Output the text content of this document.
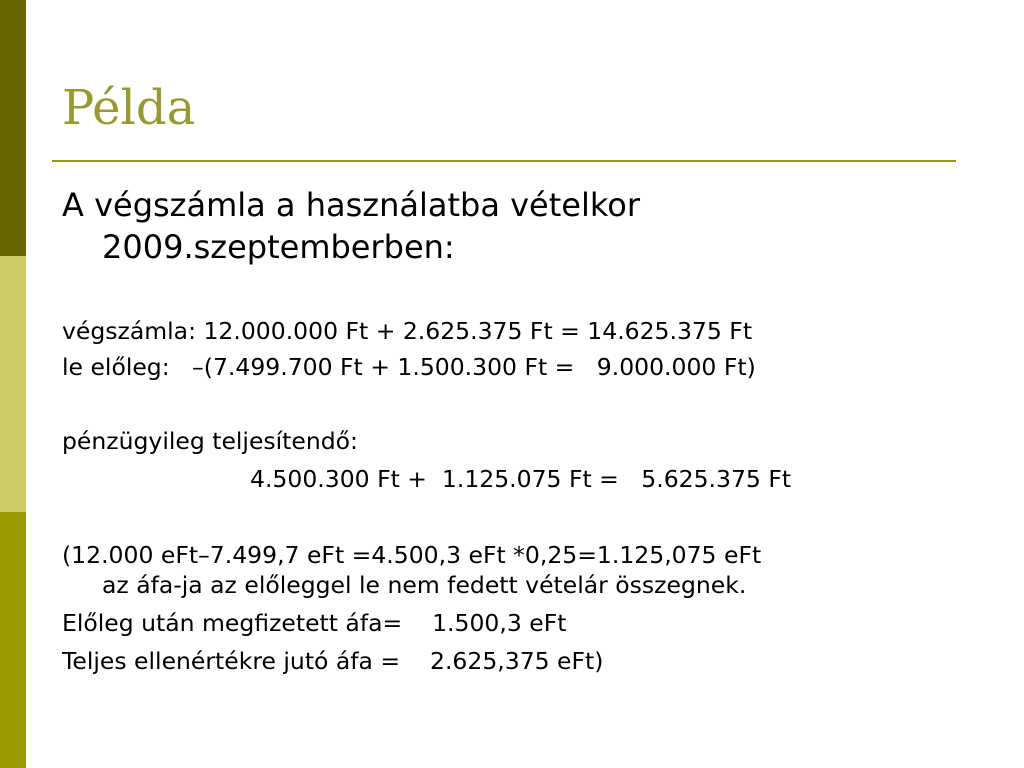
Példa
A végszámla a használatba vételkor
2009.szeptemberben:
végszámla: 12.000.000 Ft + 2.625.375 Ft = 14.625.375 Ft
le előleg:   –(7.499.700 Ft + 1.500.300 Ft =   9.000.000 Ft)
pénzügyileg teljesítendő:
4.500.300 Ft +  1.125.075 Ft =   5.625.375 Ft
(12.000 eFt–7.499,7 eFt =4.500,3 eFt *0,25=1.125,075 eFt
az áfa-ja az előleggel le nem fedett vételár összegnek.
Előleg után megfizetett áfa=    1.500,3 eFt
Teljes ellenértékre jutó áfa =    2.625,375 eFt)
